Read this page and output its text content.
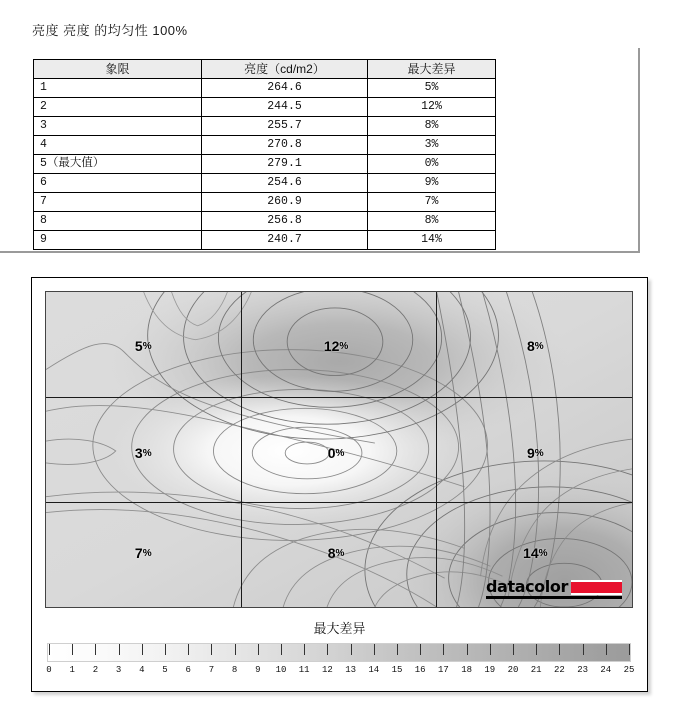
亮度 亮度 的均匀性 100%
象限	亮度（cd/m2）	最大差异
1	264.6	5%
2	244.5	12%
3	255.7	8%
4	270.8	3%
5（最大值）	279.1	0%
6	254.6	9%
7	260.9	7%
8	256.8	8%
9	240.7	14%
5%	12%	8%
3%	0%	9%
7%	8%	14%
datacolor
最大差异
0 1 2 3 4 5 6 7 8 9 10 11 12 13 14 15 16 17 18 19 20 21 22 23 24 25
